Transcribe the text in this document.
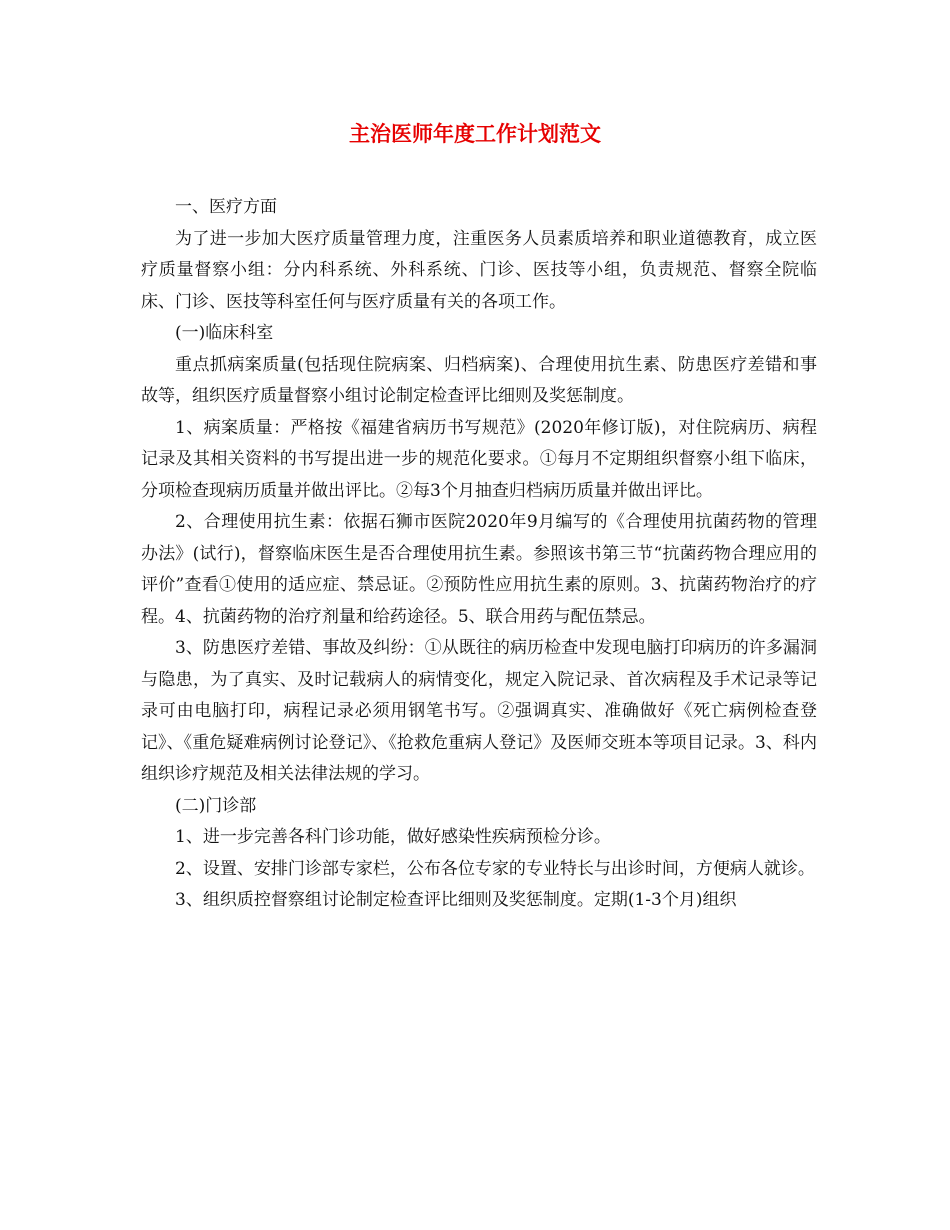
主治医师年度工作计划范文

一、医疗方面

为了进一步加大医疗质量管理力度，注重医务人员素质培养和职业道德教育，成立医疗质量督察小组：分内科系统、外科系统、门诊、医技等小组，负责规范、督察全院临床、门诊、医技等科室任何与医疗质量有关的各项工作。

(一)临床科室

重点抓病案质量(包括现住院病案、归档病案)、合理使用抗生素、防患医疗差错和事故等，组织医疗质量督察小组讨论制定检查评比细则及奖惩制度。

1、病案质量：严格按《福建省病历书写规范》(2020年修订版)，对住院病历、病程记录及其相关资料的书写提出进一步的规范化要求。①每月不定期组织督察小组下临床，分项检查现病历质量并做出评比。②每3个月抽查归档病历质量并做出评比。

2、合理使用抗生素：依据石狮市医院2020年9月编写的《合理使用抗菌药物的管理办法》(试行)，督察临床医生是否合理使用抗生素。参照该书第三节“抗菌药物合理应用的评价”查看①使用的适应症、禁忌证。②预防性应用抗生素的原则。3、抗菌药物治疗的疗程。4、抗菌药物的治疗剂量和给药途径。5、联合用药与配伍禁忌。

3、防患医疗差错、事故及纠纷：①从既往的病历检查中发现电脑打印病历的许多漏洞与隐患，为了真实、及时记载病人的病情变化，规定入院记录、首次病程及手术记录等记录可由电脑打印，病程记录必须用钢笔书写。②强调真实、准确做好《死亡病例检查登记》、《重危疑难病例讨论登记》、《抢救危重病人登记》及医师交班本等项目记录。3、科内组织诊疗规范及相关法律法规的学习。

(二)门诊部

1、进一步完善各科门诊功能，做好感染性疾病预检分诊。

2、设置、安排门诊部专家栏，公布各位专家的专业特长与出诊时间，方便病人就诊。

3、组织质控督察组讨论制定检查评比细则及奖惩制度。定期(1-3个月)组织
